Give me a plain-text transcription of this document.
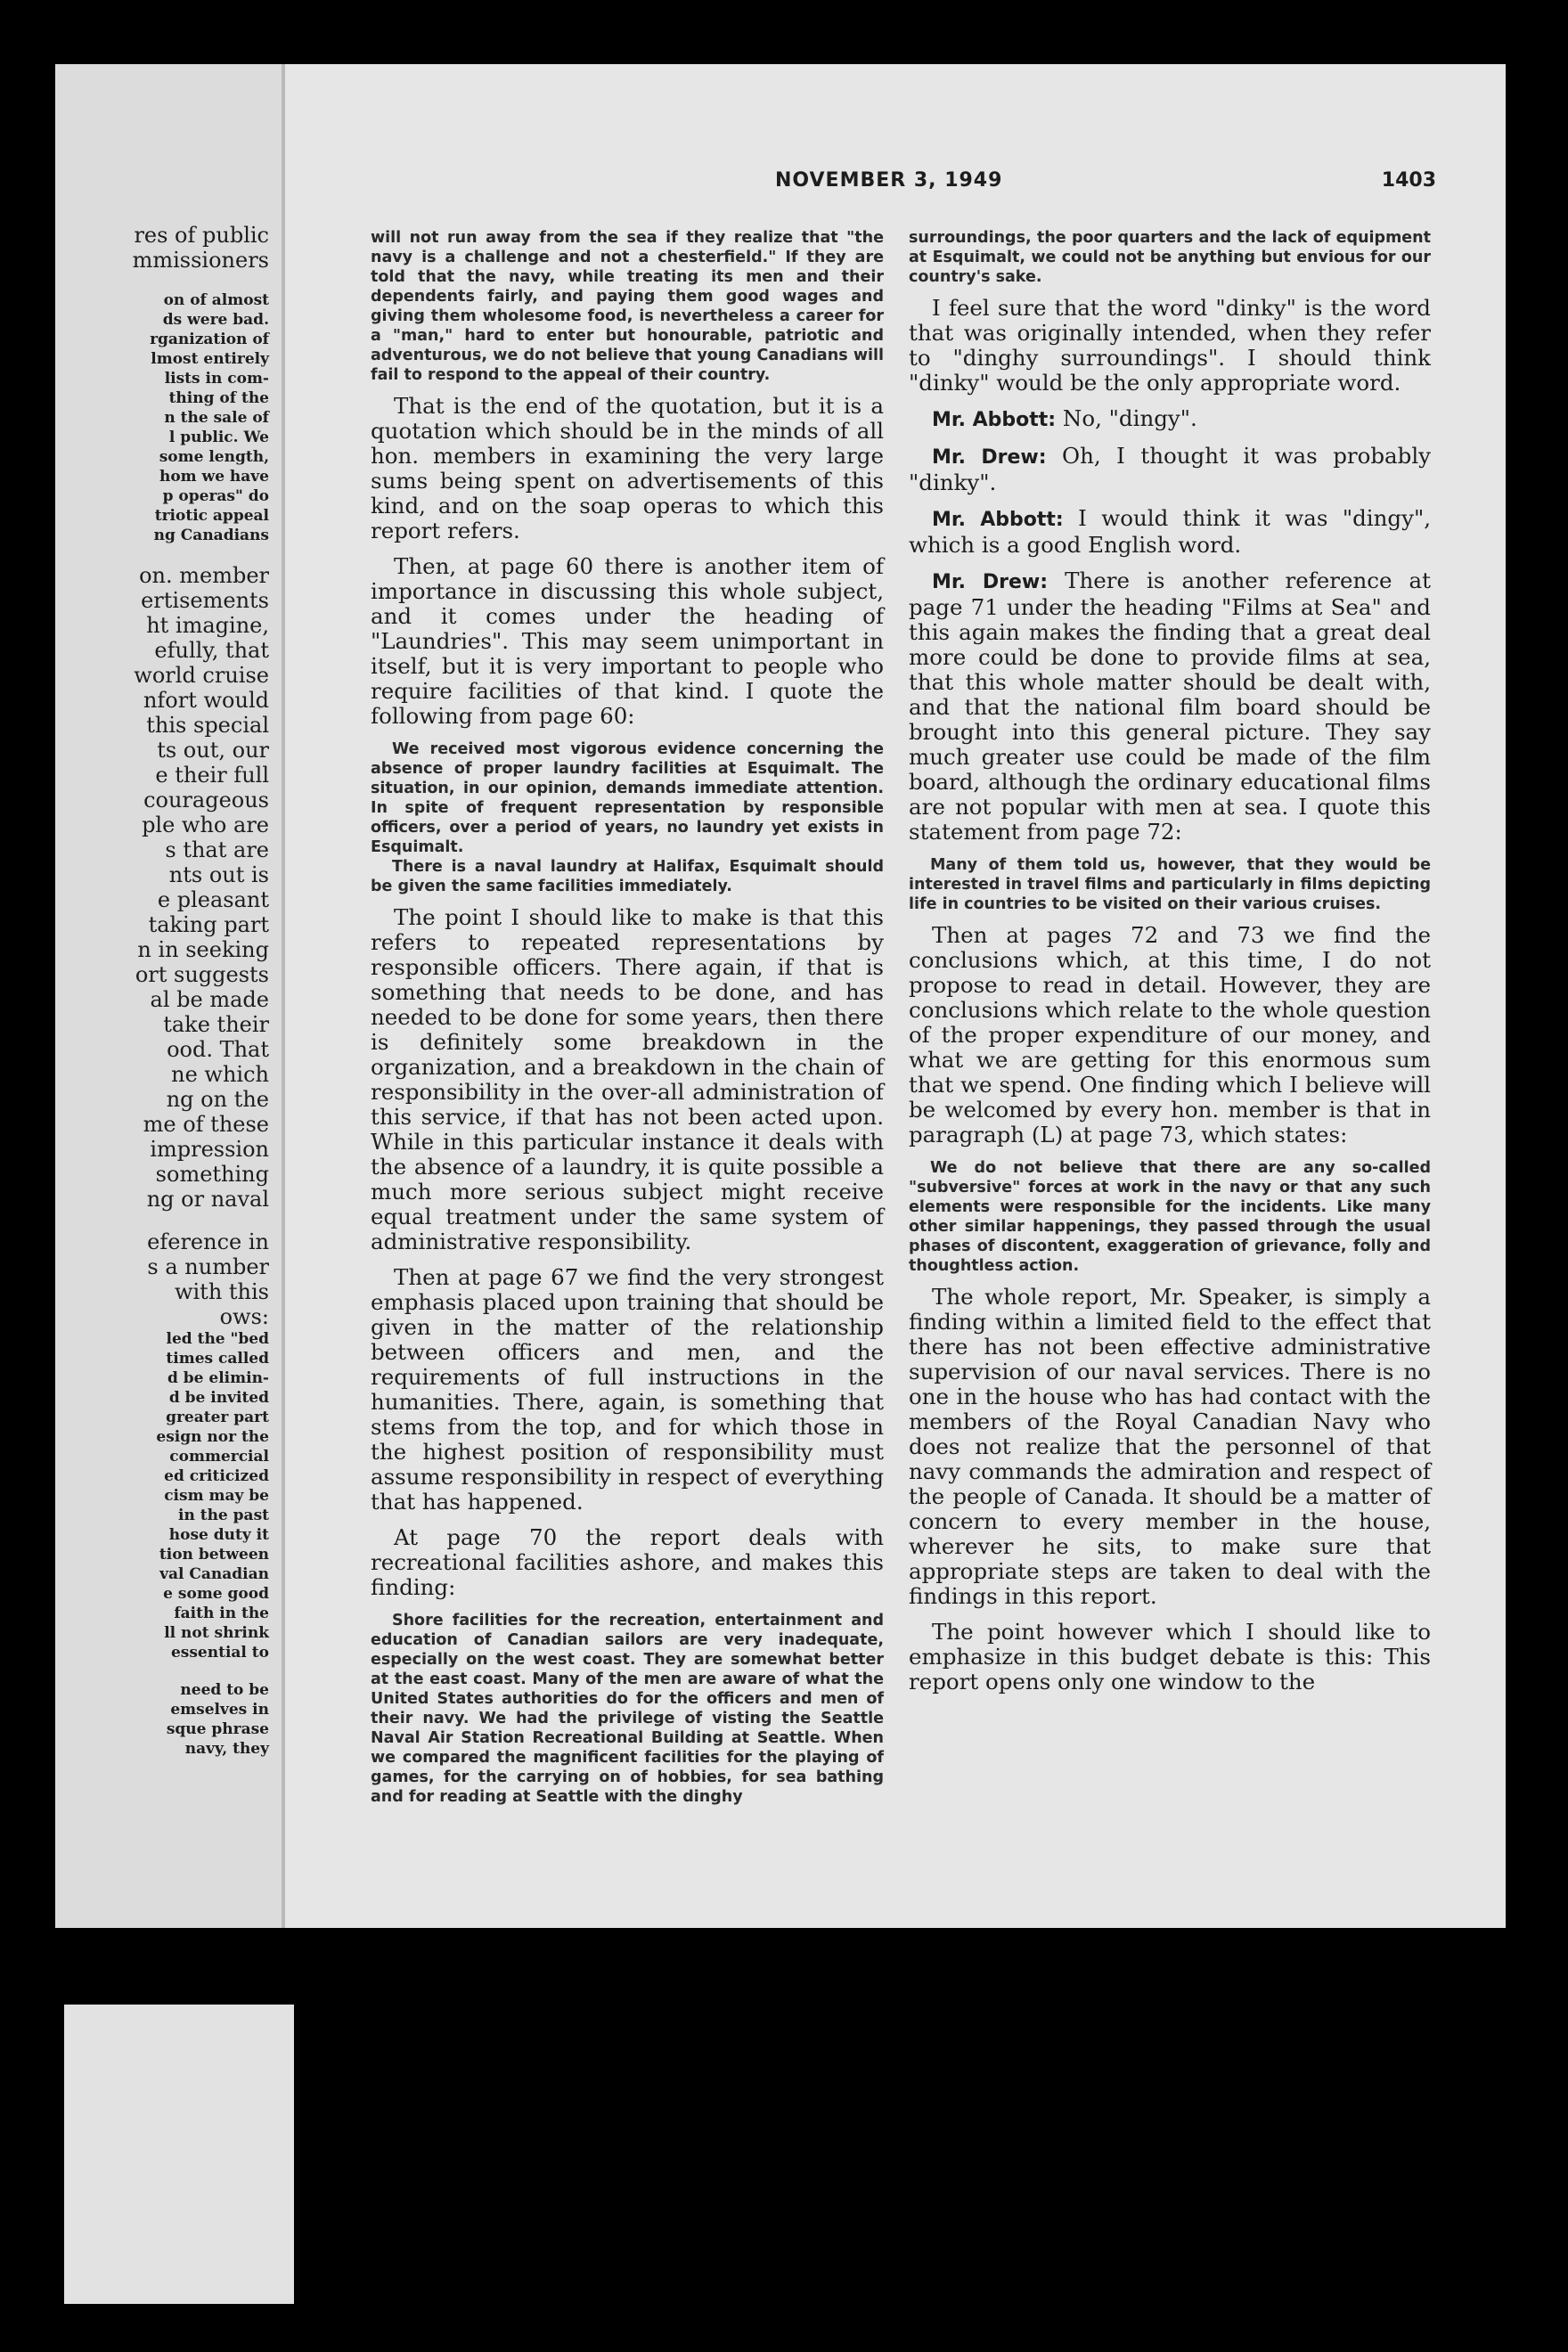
res of public
mmissioners
on of almost
ds were bad.
rganization of
lmost entirely
lists in com-
thing of the
n the sale of
l public. We
some length,
hom we have
p operas" do
triotic appeal
ng Canadians
on. member
ertisements
ht imagine,
efully, that
world cruise
nfort would
this special
ts out, our
e their full
courageous
ple who are
s that are
nts out is
e pleasant
taking part
n in seeking
ort suggests
al be made
take their
ood. That
ne which
ng on the
me of these
impression
something
ng or naval
eference in
s a number
with this
ows:
led the "bed
times called
d be elimin-
d be invited
greater part
esign nor the
commercial
ed criticized
cism may be
in the past
hose duty it
tion between
val Canadian
e some good
faith in the
ll not shrink
essential to
need to be
emselves in
sque phrase
navy, they
NOVEMBER 3, 1949	1403

will not run away from the sea if they realize that "the navy is a challenge and not a chesterfield." If they are told that the navy, while treating its men and their dependents fairly, and paying them good wages and giving them wholesome food, is nevertheless a career for a "man," hard to enter but honourable, patriotic and adventurous, we do not believe that young Canadians will fail to respond to the appeal of their country.

That is the end of the quotation, but it is a quotation which should be in the minds of all hon. members in examining the very large sums being spent on advertisements of this kind, and on the soap operas to which this report refers.

Then, at page 60 there is another item of importance in discussing this whole subject, and it comes under the heading of "Laundries". This may seem unimportant in itself, but it is very important to people who require facilities of that kind. I quote the following from page 60:

We received most vigorous evidence concerning the absence of proper laundry facilities at Esquimalt. The situation, in our opinion, demands immediate attention. In spite of frequent representation by responsible officers, over a period of years, no laundry yet exists in Esquimalt.

There is a naval laundry at Halifax, Esquimalt should be given the same facilities immediately.

The point I should like to make is that this refers to repeated representations by responsible officers. There again, if that is something that needs to be done, and has needed to be done for some years, then there is definitely some breakdown in the organization, and a breakdown in the chain of responsibility in the over-all administration of this service, if that has not been acted upon. While in this particular instance it deals with the absence of a laundry, it is quite possible a much more serious subject might receive equal treatment under the same system of administrative responsibility.

Then at page 67 we find the very strongest emphasis placed upon training that should be given in the matter of the relationship between officers and men, and the requirements of full instructions in the humanities. There, again, is something that stems from the top, and for which those in the highest position of responsibility must assume responsibility in respect of everything that has happened.

At page 70 the report deals with recreational facilities ashore, and makes this finding:

Shore facilities for the recreation, entertainment and education of Canadian sailors are very inadequate, especially on the west coast. They are somewhat better at the east coast. Many of the men are aware of what the United States authorities do for the officers and men of their navy. We had the privilege of visting the Seattle Naval Air Station Recreational Building at Seattle. When we compared the magnificent facilities for the playing of games, for the carrying on of hobbies, for sea bathing and for reading at Seattle with the dinghy

surroundings, the poor quarters and the lack of equipment at Esquimalt, we could not be anything but envious for our country's sake.

I feel sure that the word "dinky" is the word that was originally intended, when they refer to "dinghy surroundings". I should think "dinky" would be the only appropriate word.

Mr. Abbott: No, "dingy".

Mr. Drew: Oh, I thought it was probably "dinky".

Mr. Abbott: I would think it was "dingy", which is a good English word.

Mr. Drew: There is another reference at page 71 under the heading "Films at Sea" and this again makes the finding that a great deal more could be done to provide films at sea, that this whole matter should be dealt with, and that the national film board should be brought into this general picture. They say much greater use could be made of the film board, although the ordinary educational films are not popular with men at sea. I quote this statement from page 72:

Many of them told us, however, that they would be interested in travel films and particularly in films depicting life in countries to be visited on their various cruises.

Then at pages 72 and 73 we find the conclusions which, at this time, I do not propose to read in detail. However, they are conclusions which relate to the whole question of the proper expenditure of our money, and what we are getting for this enormous sum that we spend. One finding which I believe will be welcomed by every hon. member is that in paragraph (L) at page 73, which states:

We do not believe that there are any so-called "subversive" forces at work in the navy or that any such elements were responsible for the incidents. Like many other similar happenings, they passed through the usual phases of discontent, exaggeration of grievance, folly and thoughtless action.

The whole report, Mr. Speaker, is simply a finding within a limited field to the effect that there has not been effective administrative supervision of our naval services. There is no one in the house who has had contact with the members of the Royal Canadian Navy who does not realize that the personnel of that navy commands the admiration and respect of the people of Canada. It should be a matter of concern to every member in the house, wherever he sits, to make sure that appropriate steps are taken to deal with the findings in this report.

The point however which I should like to emphasize in this budget debate is this: This report opens only one window to the
